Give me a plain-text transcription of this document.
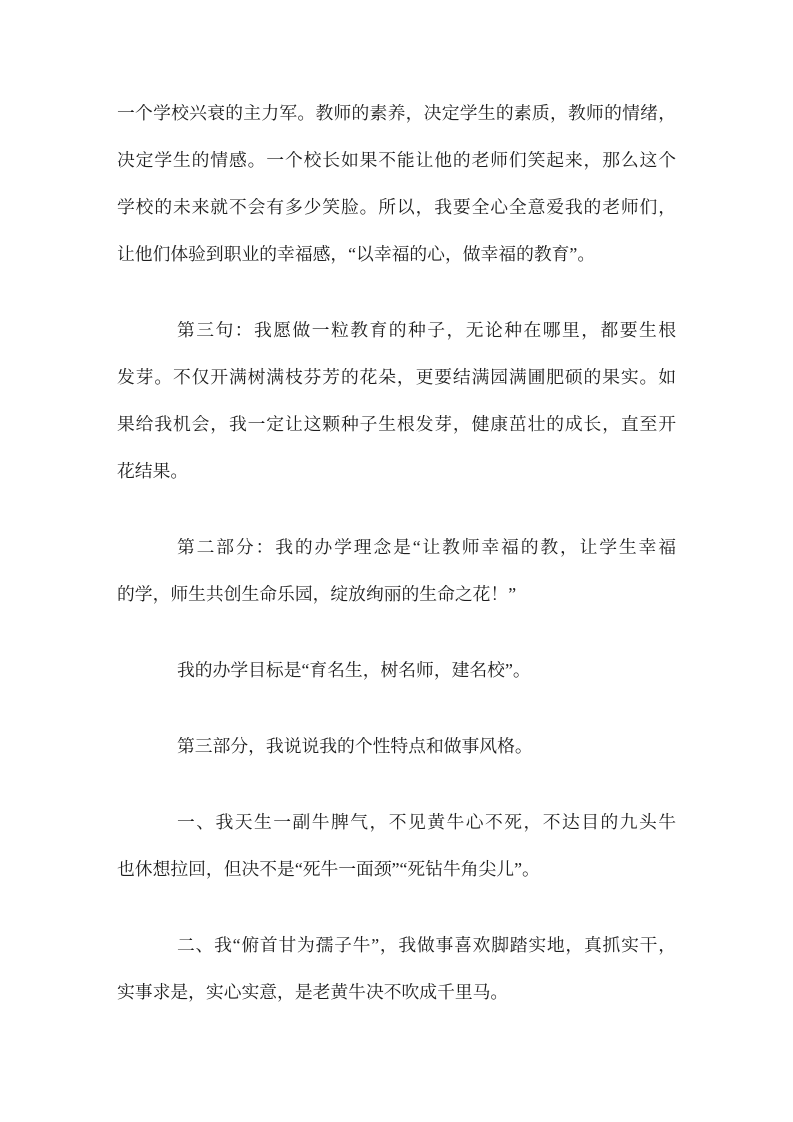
一个学校兴衰的主力军。教师的素养，决定学生的素质，教师的情绪，
决定学生的情感。一个校长如果不能让他的老师们笑起来，那么这个
学校的未来就不会有多少笑脸。所以，我要全心全意爱我的老师们，
让他们体验到职业的幸福感，“以幸福的心，做幸福的教育”。

第三句：我愿做一粒教育的种子，无论种在哪里，都要生根
发芽。不仅开满树满枝芬芳的花朵，更要结满园满圃肥硕的果实。如
果给我机会，我一定让这颗种子生根发芽，健康茁壮的成长，直至开
花结果。

第二部分：我的办学理念是“让教师幸福的教，让学生幸福
的学，师生共创生命乐园，绽放绚丽的生命之花！”

我的办学目标是“育名生，树名师，建名校”。

第三部分，我说说我的个性特点和做事风格。

一、我天生一副牛脾气，不见黄牛心不死，不达目的九头牛
也休想拉回，但决不是“死牛一面颈”“死钻牛角尖儿”。

二、我“俯首甘为孺子牛”，我做事喜欢脚踏实地，真抓实干，
实事求是，实心实意，是老黄牛决不吹成千里马。
